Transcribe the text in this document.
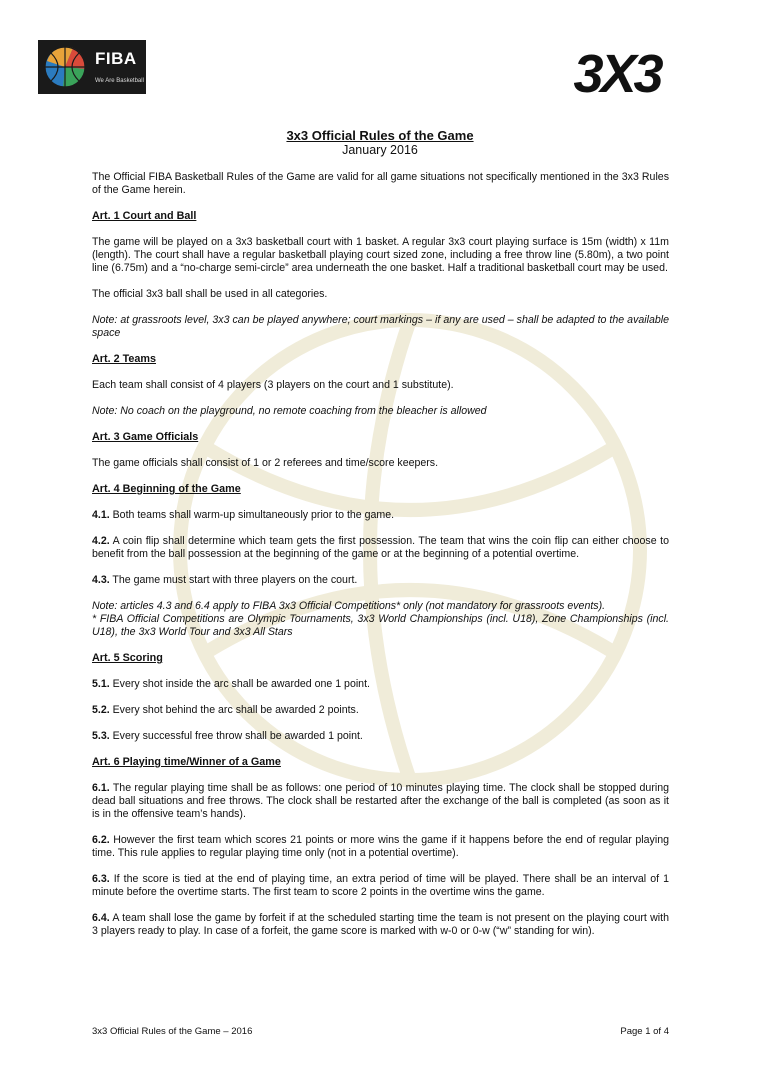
FIBA
We Are Basketball	3X3
3x3 Official Rules of the Game
January 2016

The Official FIBA Basketball Rules of the Game are valid for all game situations not specifically mentioned in the 3x3 Rules of the Game herein.

Art. 1 Court and Ball

The game will be played on a 3x3 basketball court with 1 basket. A regular 3x3 court playing surface is 15m (width) x 11m (length). The court shall have a regular basketball playing court sized zone, including a free throw line (5.80m), a two point line (6.75m) and a “no-charge semi-circle” area underneath the one basket. Half a traditional basketball court may be used.

The official 3x3 ball shall be used in all categories.

Note: at grassroots level, 3x3 can be played anywhere; court markings – if any are used – shall be adapted to the available space

Art. 2 Teams

Each team shall consist of 4 players (3 players on the court and 1 substitute).

Note: No coach on the playground, no remote coaching from the bleacher is allowed

Art. 3 Game Officials

The game officials shall consist of 1 or 2 referees and time/score keepers.

Art. 4 Beginning of the Game

4.1. Both teams shall warm-up simultaneously prior to the game.

4.2. A coin flip shall determine which team gets the first possession. The team that wins the coin flip can either choose to benefit from the ball possession at the beginning of the game or at the beginning of a potential overtime.

4.3. The game must start with three players on the court.

Note: articles 4.3 and 6.4 apply to FIBA 3x3 Official Competitions* only (not mandatory for grassroots events).
* FIBA Official Competitions are Olympic Tournaments, 3x3 World Championships (incl. U18), Zone Championships (incl. U18), the 3x3 World Tour and 3x3 All Stars

Art. 5 Scoring

5.1. Every shot inside the arc shall be awarded one 1 point.

5.2. Every shot behind the arc shall be awarded 2 points.

5.3. Every successful free throw shall be awarded 1 point.

Art. 6 Playing time/Winner of a Game

6.1. The regular playing time shall be as follows: one period of 10 minutes playing time. The clock shall be stopped during dead ball situations and free throws. The clock shall be restarted after the exchange of the ball is completed (as soon as it is in the offensive team’s hands).

6.2. However the first team which scores 21 points or more wins the game if it happens before the end of regular playing time. This rule applies to regular playing time only (not in a potential overtime).

6.3. If the score is tied at the end of playing time, an extra period of time will be played. There shall be an interval of 1 minute before the overtime starts. The first team to score 2 points in the overtime wins the game.

6.4. A team shall lose the game by forfeit if at the scheduled starting time the team is not present on the playing court with 3 players ready to play. In case of a forfeit, the game score is marked with w-0 or 0-w (“w” standing for win).

3x3 Official Rules of the Game – 2016	Page 1 of 4
